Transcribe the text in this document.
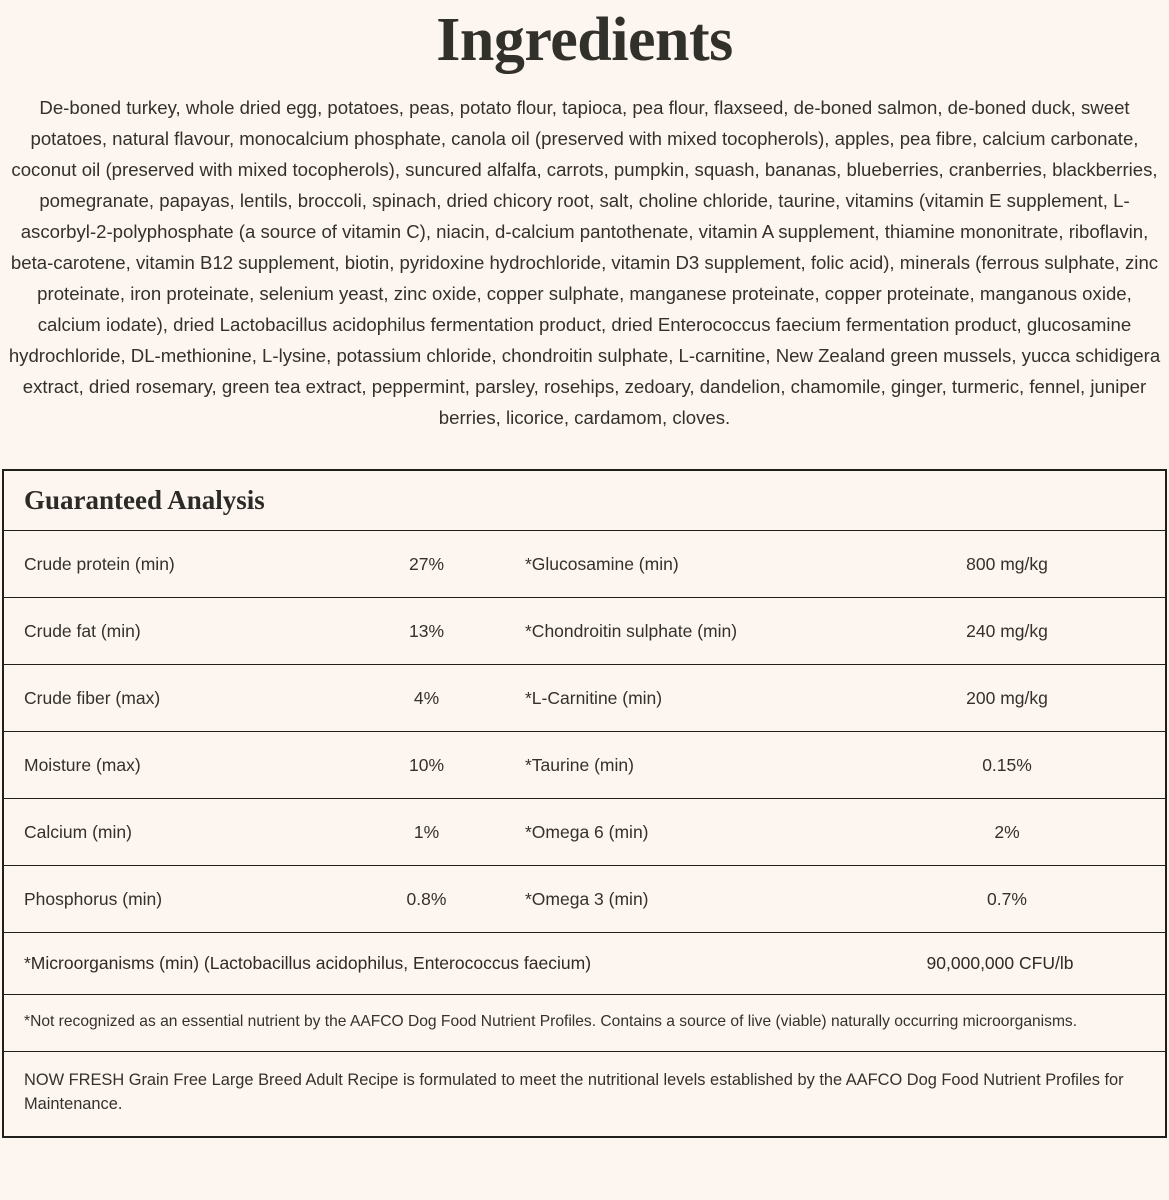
Ingredients

De-boned turkey, whole dried egg, potatoes, peas, potato flour, tapioca, pea flour, flaxseed, de-boned salmon, de-boned duck, sweet potatoes, natural flavour, monocalcium phosphate, canola oil (preserved with mixed tocopherols), apples, pea fibre, calcium carbonate, coconut oil (preserved with mixed tocopherols), suncured alfalfa, carrots, pumpkin, squash, bananas, blueberries, cranberries, blackberries, pomegranate, papayas, lentils, broccoli, spinach, dried chicory root, salt, choline chloride, taurine, vitamins (vitamin E supplement, L-ascorbyl-2-polyphosphate (a source of vitamin C), niacin, d-calcium pantothenate, vitamin A supplement, thiamine mononitrate, riboflavin, beta-carotene, vitamin B12 supplement, biotin, pyridoxine hydrochloride, vitamin D3 supplement, folic acid), minerals (ferrous sulphate, zinc proteinate, iron proteinate, selenium yeast, zinc oxide, copper sulphate, manganese proteinate, copper proteinate, manganous oxide, calcium iodate), dried Lactobacillus acidophilus fermentation product, dried Enterococcus faecium fermentation product, glucosamine hydrochloride, DL-methionine, L-lysine, potassium chloride, chondroitin sulphate, L-carnitine, New Zealand green mussels, yucca schidigera extract, dried rosemary, green tea extract, peppermint, parsley, rosehips, zedoary, dandelion, chamomile, ginger, turmeric, fennel, juniper berries, licorice, cardamom, cloves.

Guaranteed Analysis
Crude protein (min)	27%	*Glucosamine (min)	800 mg/kg
Crude fat (min)	13%	*Chondroitin sulphate (min)	240 mg/kg
Crude fiber (max)	4%	*L-Carnitine (min)	200 mg/kg
Moisture (max)	10%	*Taurine (min)	0.15%
Calcium (min)	1%	*Omega 6 (min)	2%
Phosphorus (min)	0.8%	*Omega 3 (min)	0.7%
*Microorganisms (min) (Lactobacillus acidophilus, Enterococcus faecium)	90,000,000 CFU/lb
*Not recognized as an essential nutrient by the AAFCO Dog Food Nutrient Profiles. Contains a source of live (viable) naturally occurring microorganisms.
NOW FRESH Grain Free Large Breed Adult Recipe is formulated to meet the nutritional levels established by the AAFCO Dog Food Nutrient Profiles for Maintenance.
